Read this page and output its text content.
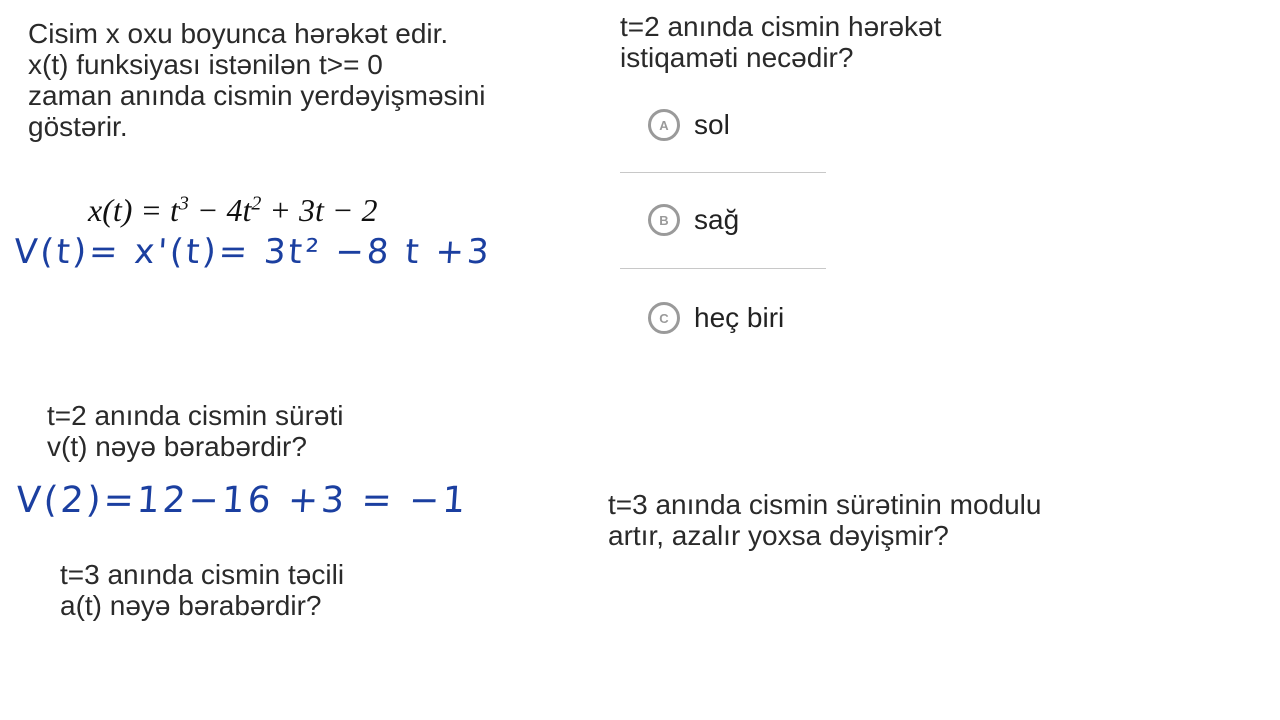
Cisim x oxu boyunca hərəkət edir.
x(t) funksiyası istənilən t>= 0
zaman anında cismin yerdəyişməsini
göstərir.
$x(t) = t^3 - 4t^2 + 3t - 2$
V(t)= x'(t)= 3t² −8 t +3
t=2 anında cismin sürəti
v(t) nəyə bərabərdir?
V(2)=12−16 +3 = −1
t=3 anında cismin təcili
a(t) nəyə bərabərdir?
t=2 anında cismin hərəkət
istiqaməti necədir?
A sol
B sağ
C heç biri
t=3 anında cismin sürətinin modulu
artır, azalır yoxsa dəyişmir?
